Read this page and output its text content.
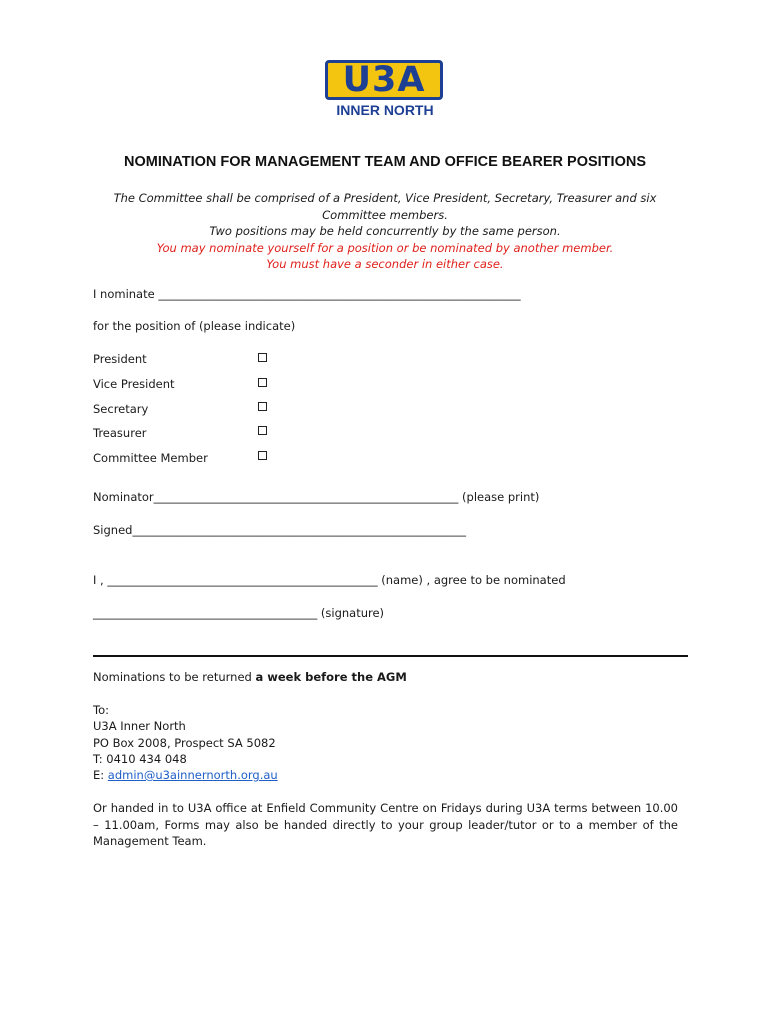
U3A
INNER NORTH
NOMINATION FOR MANAGEMENT TEAM AND OFFICE BEARER POSITIONS
The Committee shall be comprised of a President, Vice President, Secretary, Treasurer and six Committee members.
Two positions may be held concurrently by the same person.
You may nominate yourself for a position or be nominated by another member.
You must have a seconder in either case.
I nominate _______________________________________________________________
for the position of (please indicate)
President
Vice President
Secretary
Treasurer
Committee Member
Nominator_____________________________________________________ (please print)
Signed__________________________________________________________
I , _______________________________________________ (name) , agree to be nominated
_______________________________________ (signature)
Nominations to be returned a week before the AGM
To:
U3A Inner North
PO Box 2008, Prospect SA 5082
T: 0410 434 048
E: admin@u3ainnernorth.org.au
Or handed in to U3A office at Enfield Community Centre on Fridays during U3A terms between 10.00 – 11.00am, Forms may also be handed directly to your group leader/tutor or to a member of the Management Team.
